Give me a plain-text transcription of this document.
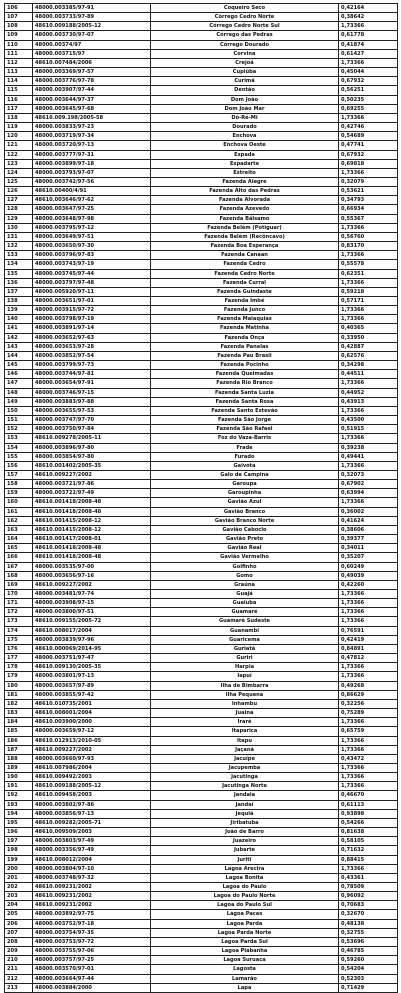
106	48000.003385/97-91	Coqueiro Seco	0,42164
107	48000.003733/97-89	Córrego Cedro Norte	0,38642
108	48610.009188/2005-12	Córrego Cedro Norte Sul	1,73366
109	48000.003730/97-07	Córrego das Pedras	0,61778
110	48000.00374/97	Córrego Dourado	0,41874
111	48000.003715/97	Corvina	0,61427
112	48610.007484/2006	Crejoá	1,73366
113	48000.003369/97-57	Cupiúba	0,45044
114	48000.003776/97-78	Curimã	0,67932
115	48000.003907/97-44	Dentão	0,56251
116	48000.003644/97-37	Dom João	0,50235
117	48000.003645/97-68	Dom João Mar	0,69255
118	48610.009.198/2005-58	Dó-Ré-Mi	1,73366
119	48000.003833/97-23	Dourado	0,42746
120	48000.003719/97-34	Enchova	0,54689
121	48000.003720/97-13	Enchova Oeste	0,47741
122	48000.003777/97-31	Espada	0,67932
123	48000.003899/97-18	Espadarte	0,69818
124	48000.003793/97-07	Estreito	1,73366
125	48000.003742/97-56	Fazenda Alegre	0,32079
126	48610.00400/4/91	Fazenda Alto das Pedras	0,53621
127	48610.003646/97-62	Fazenda Alvorada	0,34793
128	48000.003647/97-25	Fazenda Azevedo	0,66934
129	48000.003648/97-98	Fazenda Bálsamo	0,55367
130	48000.003795/97-12	Fazenda Belém (Potiguar)	1,73366
131	48000.003649/97-51	Fazenda Belém (Recôncavo)	0,56760
132	48000.003650/97-30	Fazenda Boa Esperança	0,83170
133	48000.003796/97-83	Fazenda Canaan	1,73366
134	48000.003743/97-19	Fazenda Cedro	0,55578
135	48000.003745/97-44	Fazenda Cedro Norte	0,62351
136	48000.003797/97-48	Fazenda Curral	1,73366
137	48000.005920/97-11	Fazenda Guindaste	0,59218
138	48000.003651/97-01	Fazenda Imbé	0,57171
139	48000.003915/97-72	Fazenda Junco	1,73366
140	48000.003798/97-19	Fazenda Malaquias	1,73366
141	48000.003891/97-14	Fazenda Matinha	0,40365
142	48000.003652/97-63	Fazenda Onça	0,33950
143	48000.003653/97-28	Fazenda Panelas	0,42887
144	48000.003852/97-54	Fazenda Pau Brasil	0,62576
145	48000.003799/97-73	Fazenda Pocinho	0,34298
146	48000.003744/97-81	Fazenda Queimadas	0,44511
147	48000.003654/97-91	Fazenda Rio Branco	1,73366
148	48000.003746/97-15	Fazenda Santa Luzia	0,44952
149	48000.003883/97-88	Fazenda Santa Rosa	0,43913
150	48000.003655/97-53	Fazenda Santo Estevão	1,73366
151	48000.003747/97-70	Fazenda São Jorge	0,43500
152	48000.003750/97-84	Fazenda São Rafael	0,51915
153	48610.009278/2005-11	Foz do Vaza-Barris	1,73366
154	48000.003896/97-80	Frade	0,39238
155	48000.003854/97-80	Furado	0,49441
156	48610.001402/2005-35	Gaivota	1,73366
157	48610.009227/2002	Galo de Campina	0,32073
158	48000.003721/97-86	Garoupa	0,67902
159	48000.003722/97-49	Garoupinha	0,63994
160	48610.001418/2008-48	Gavião Azul	1,73366
161	48610.001418/2008-48	Gavião Branco	0,36002
162	48610.001415/2008-12	Gavião Branco Norte	0,41624
163	48610.001415/2008-12	Gavião Caboclo	0,38606
164	48610.001417/2008-01	Gavião Preto	0,39377
165	48610.001418/2008-48	Gavião Real	0,34011
166	48610.001418/2008-48	Gavião Vermelho	0,35207
167	48000.003535/97-00	Golfinho	0,60249
168	48000.003656/97-16	Gomo	0,49039
169	48610.009227/2002	Graúna	0,42260
170	48000.003481/97-74	Guajá	1,73366
171	48000.003908/97-15	Guaiuba	1,73366
172	48000.003800/97-51	Guamaré	1,73366
173	48610.009155/2005-72	Guamaré Sudeste	1,73366
174	48610.008017/2004	Guanambi	0,76591
175	48000.003839/97-96	Guaricema	0,42419
176	48610.000069/2014-95	Guriatã	0,84891
177	48000.003751/97-47	Guriri	0,47812
178	48610.009130/2005-35	Harpia	1,73366
179	48000.003801/97-13	Iapuí	1,73366
180	48000.003657/97-89	Ilha de Bimbarra	0,49268
181	48000.003855/97-42	Ilha Pequena	0,86629
182	48610.010735/2001	Inhambu	0,32256
183	48610.008001/2004	Juaina	0,75289
184	48610.003900/2000	Iraré	1,73366
185	48000.003659/97-12	Itaparica	0,65759
186	48610.012913/2010-05	Itapu	1,73366
187	48610.009227/2002	Jaçanã	1,73366
188	48000.003660/97-93	Jacuípe	0,43472
189	48610.007986/2004	Jacupemba	1,73366
190	48610.009492/2003	Jacutinga	1,73366
191	48610.009188/2005-12	Jacutinga Norte	1,73366
192	48610.009458/2003	Jandaia	0,46670
193	48000.003802/97-86	Jandaí	0,61113
194	48000.003856/97-13	Jequiá	0,93898
195	48610.009282/2005-71	Jiribatuba	0,54266
196	48610.009509/2003	João de Barro	0,81638
197	48000.003803/97-49	Juazeiro	0,58105
198	48000.003356/97-49	Jubarte	0,71632
199	48610.008012/2004	Juriti	0,88415
200	48000.003804/97-10	Lagoa Arecira	1,73366
201	48000.003748/97-32	Lagoa Bonita	0,43361
202	48610.009231/2002	Lagoa do Paulo	0,78509
203	48610.009231/2002	Lagoa do Paulo Norte	0,96092
204	48610.009231/2002	Lagoa do Paulo Sul	0,70683
205	48000.003892/97-75	Lagoa Pacas	0,32670
206	48000.003752/97-18	Lagoa Parda	0,48138
207	48000.003754/97-35	Lagoa Parda Norte	0,32755
208	48000.003753/97-72	Lagoa Parda Sul	0,53696
209	48000.003755/97-06	Lagoa Piabanha	0,46785
210	48000.003757/97-25	Lagoa Suruaca	0,59260
211	48000.003570/97-01	Lagosta	0,54204
212	48000.003664/97-44	Lamarão	0,52303
213	48000.003884/2000	Lapa	0,71429
